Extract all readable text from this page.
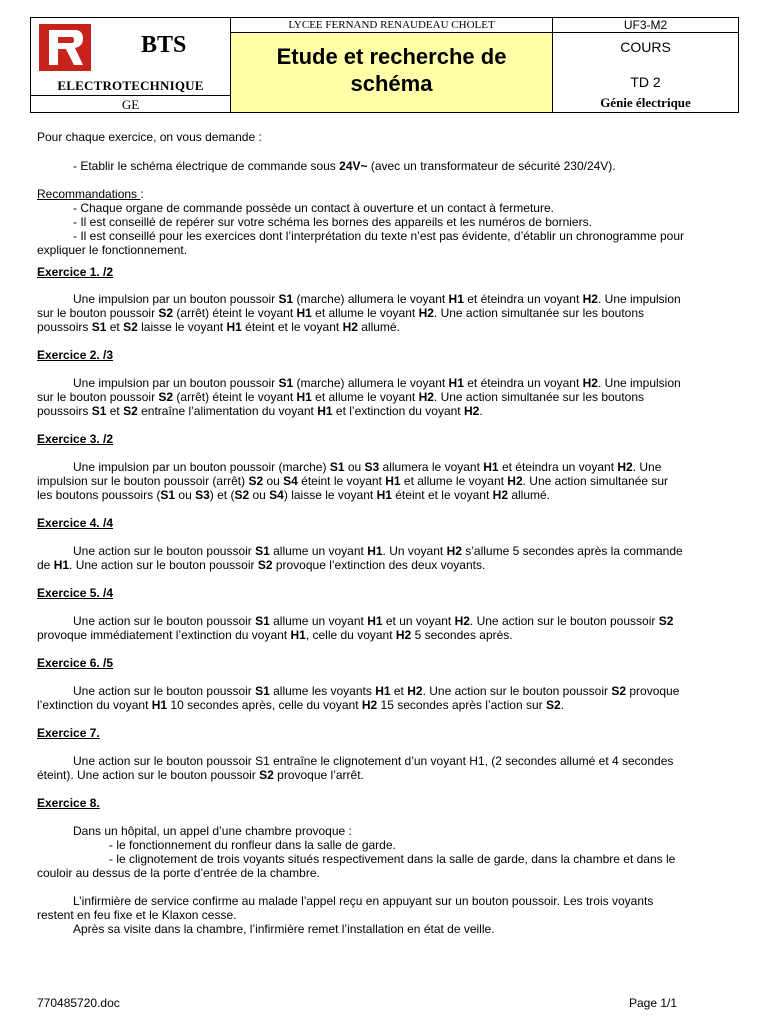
BTS
ELECTROTECHNIQUE
GE
LYCEE FERNAND RENAUDEAU CHOLET
Etude et recherche de
schéma
UF3-M2
COURS
TD 2
Génie électrique
Pour chaque exercice, on vous demande :
- Etablir le schéma électrique de commande sous 24V~ (avec un transformateur de sécurité 230/24V).
Recommandations :
- Chaque organe de commande possède un contact à ouverture et un contact à fermeture.
- Il est conseillé de repérer sur votre schéma les bornes des appareils et les numéros de borniers.
- Il est conseillé pour les exercices dont l’interprétation du texte n’est pas évidente, d’établir un chronogramme pour
expliquer le fonctionnement.
Exercice 1. /2
Une impulsion par un bouton poussoir S1 (marche) allumera le voyant H1 et éteindra un voyant H2. Une impulsion
sur le bouton poussoir S2 (arrêt) éteint le voyant H1 et allume le voyant H2. Une action simultanée sur les boutons
poussoirs S1 et S2 laisse le voyant H1 éteint et le voyant H2 allumé.
Exercice 2. /3
Une impulsion par un bouton poussoir S1 (marche) allumera le voyant H1 et éteindra un voyant H2. Une impulsion
sur le bouton poussoir S2 (arrêt) éteint le voyant H1 et allume le voyant H2. Une action simultanée sur les boutons
poussoirs S1 et S2 entraîne l’alimentation du voyant H1 et l’extinction du voyant H2.
Exercice 3. /2
Une impulsion par un bouton poussoir (marche) S1 ou S3 allumera le voyant H1 et éteindra un voyant H2. Une
impulsion sur le bouton poussoir (arrêt) S2 ou S4 éteint le voyant H1 et allume le voyant H2. Une action simultanée sur
les boutons poussoirs (S1 ou S3) et (S2 ou S4) laisse le voyant H1 éteint et le voyant H2 allumé.
Exercice 4. /4
Une action sur le bouton poussoir S1 allume un voyant H1. Un voyant H2 s’allume 5 secondes après la commande
de H1. Une action sur le bouton poussoir S2 provoque l’extinction des deux voyants.
Exercice 5. /4
Une action sur le bouton poussoir S1 allume un voyant H1 et un voyant H2. Une action sur le bouton poussoir S2
provoque immédiatement l’extinction du voyant H1, celle du voyant H2 5 secondes après.
Exercice 6. /5
Une action sur le bouton poussoir S1 allume les voyants H1 et H2. Une action sur le bouton poussoir S2 provoque
l’extinction du voyant H1 10 secondes après, celle du voyant H2 15 secondes après l’action sur S2.
Exercice 7.
Une action sur le bouton poussoir S1 entraîne le clignotement d’un voyant H1, (2 secondes allumé et 4 secondes
éteint). Une action sur le bouton poussoir S2 provoque l’arrêt.
Exercice 8.
Dans un hôpital, un appel d’une chambre provoque :
- le fonctionnement du ronfleur dans la salle de garde.
- le clignotement de trois voyants situés respectivement dans la salle de garde, dans la chambre et dans le
couloir au dessus de la porte d’entrée de la chambre.
L’infirmière de service confirme au malade l’appel reçu en appuyant sur un bouton poussoir. Les trois voyants
restent en feu fixe et le Klaxon cesse.
Après sa visite dans la chambre, l’infirmière remet l’installation en état de veille.
770485720.doc	Page 1/1
